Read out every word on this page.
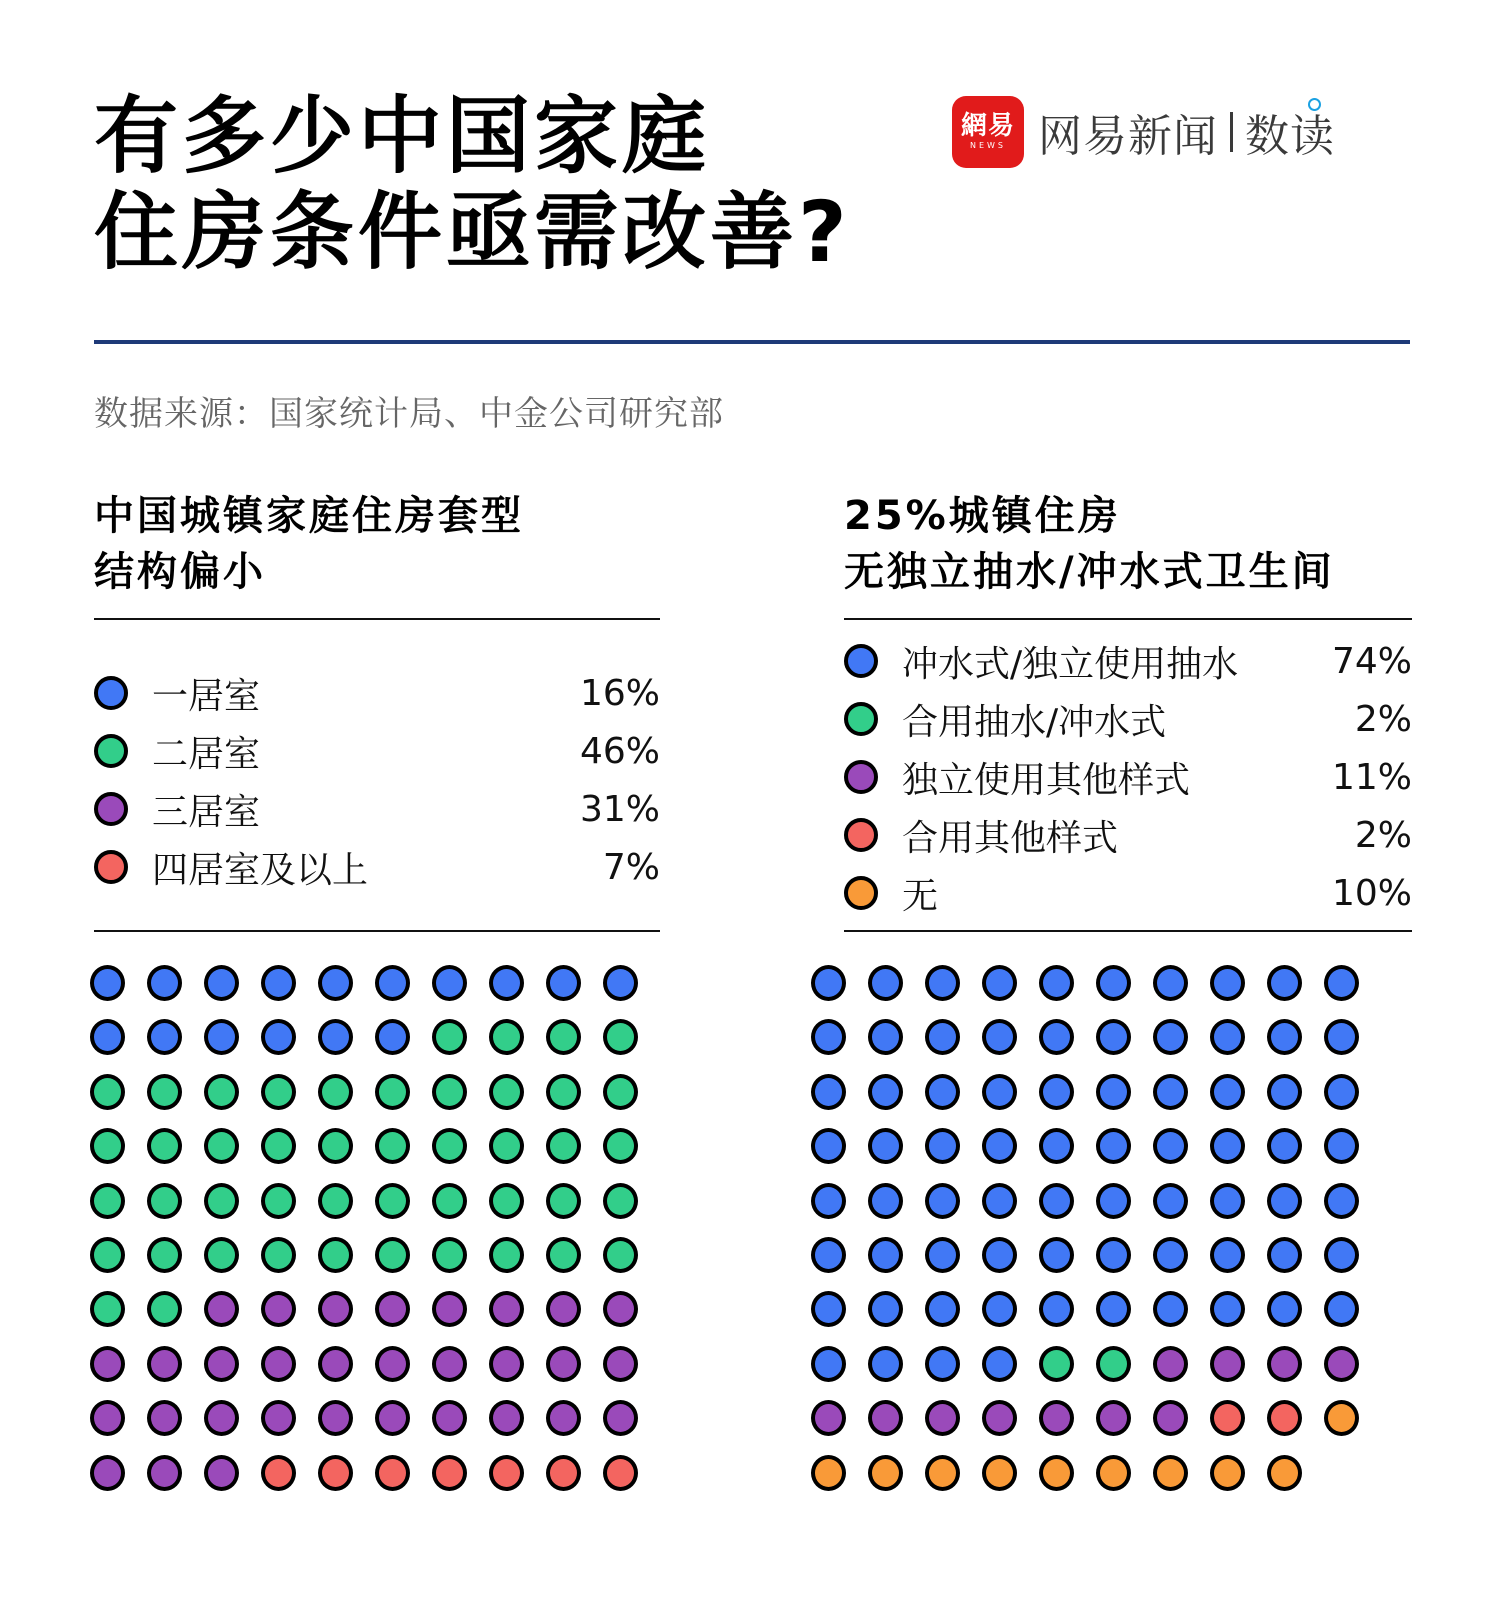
有多少中国家庭
住房条件亟需改善?
網易
NEWS 网易新闻 数读
数据来源：国家统计局、中金公司研究部
中国城镇家庭住房套型
结构偏小
一居室	16%
二居室	46%
三居室	31%
四居室及以上	7%
25%城镇住房
无独立抽水/冲水式卫生间
冲水式/独立使用抽水	74%
合用抽水/冲水式	2%
独立使用其他样式	11%
合用其他样式	2%
无	10%
